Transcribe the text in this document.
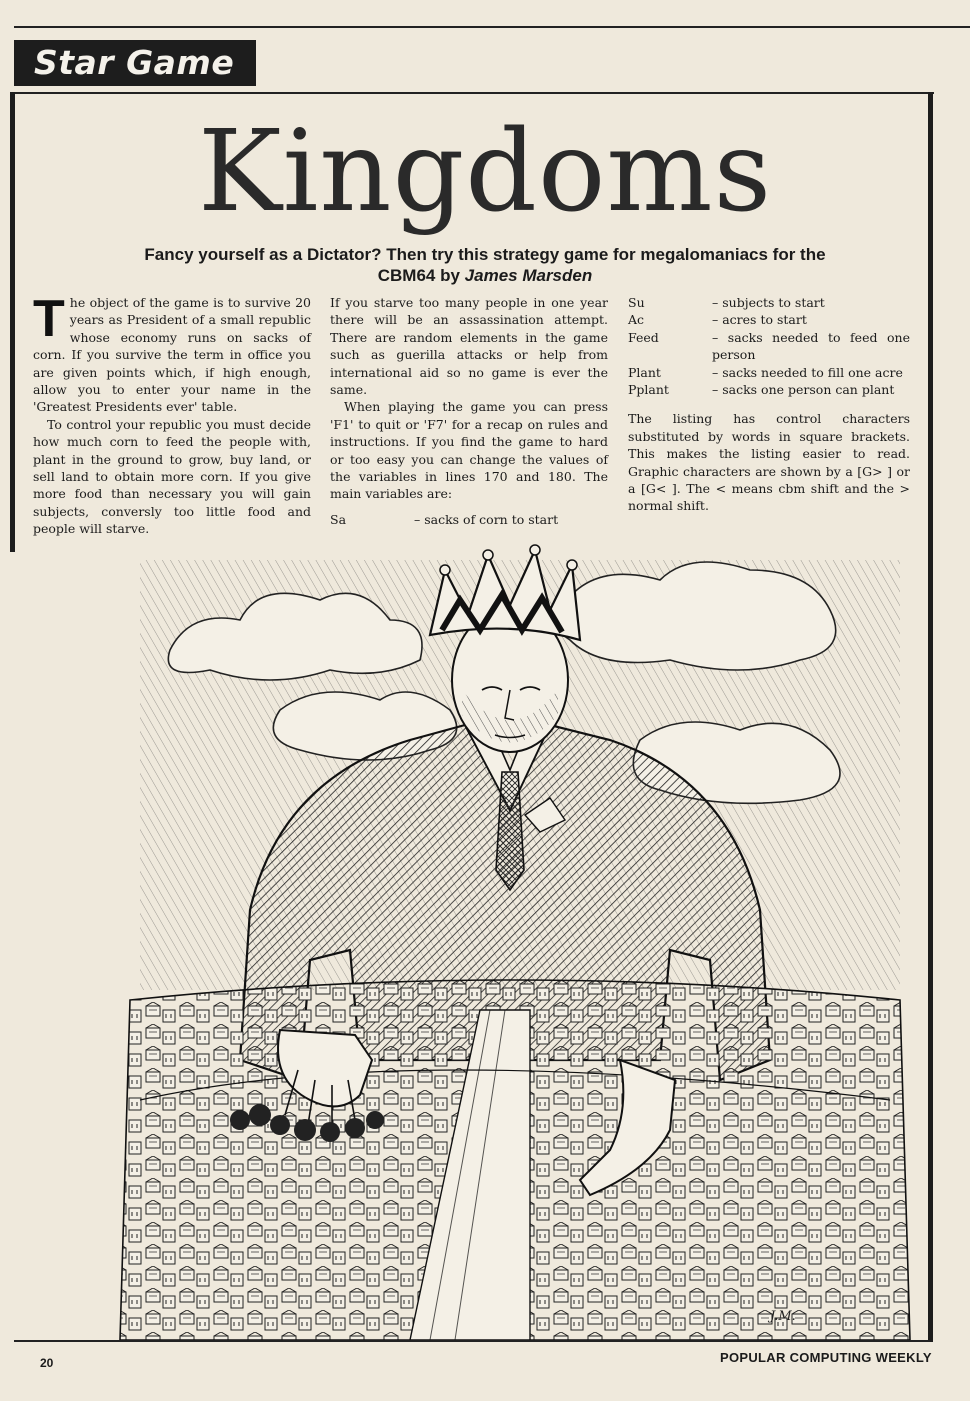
Star Game
Kingdoms
Fancy yourself as a Dictator? Then try this strategy game for megalomaniacs for the CBM64 by James Marsden

The object of the game is to survive 20 years as President of a small republic whose economy runs on sacks of corn. If you survive the term in office you are given points which, if high enough, allow you to enter your name in the 'Greatest Presidents ever' table.

To control your republic you must decide how much corn to feed the people with, plant in the ground to grow, buy land, or sell land to obtain more corn. If you give more food than necessary you will gain subjects, conversly too little food and people will starve.

If you starve too many people in one year there will be an assassination attempt. There are random elements in the game such as guerilla attacks or help from international aid so no game is ever the same.

When playing the game you can press 'F1' to quit or 'F7' for a recap on rules and instructions. If you find the game to hard or too easy you can change the values of the variables in lines 170 and 180. The main variables are:

Sa	– sacks of corn to start
Su	– subjects to start
Ac	– acres to start
Feed	– sacks needed to feed one person
Plant	– sacks needed to fill one acre
Pplant	– sacks one person can plant

The listing has control characters substituted by words in square brackets. This makes the listing easier to read. Graphic characters are shown by a [G> ] or a [G< ]. The < means cbm shift and the > normal shift.

J.M.
20	POPULAR COMPUTING WEEKLY
